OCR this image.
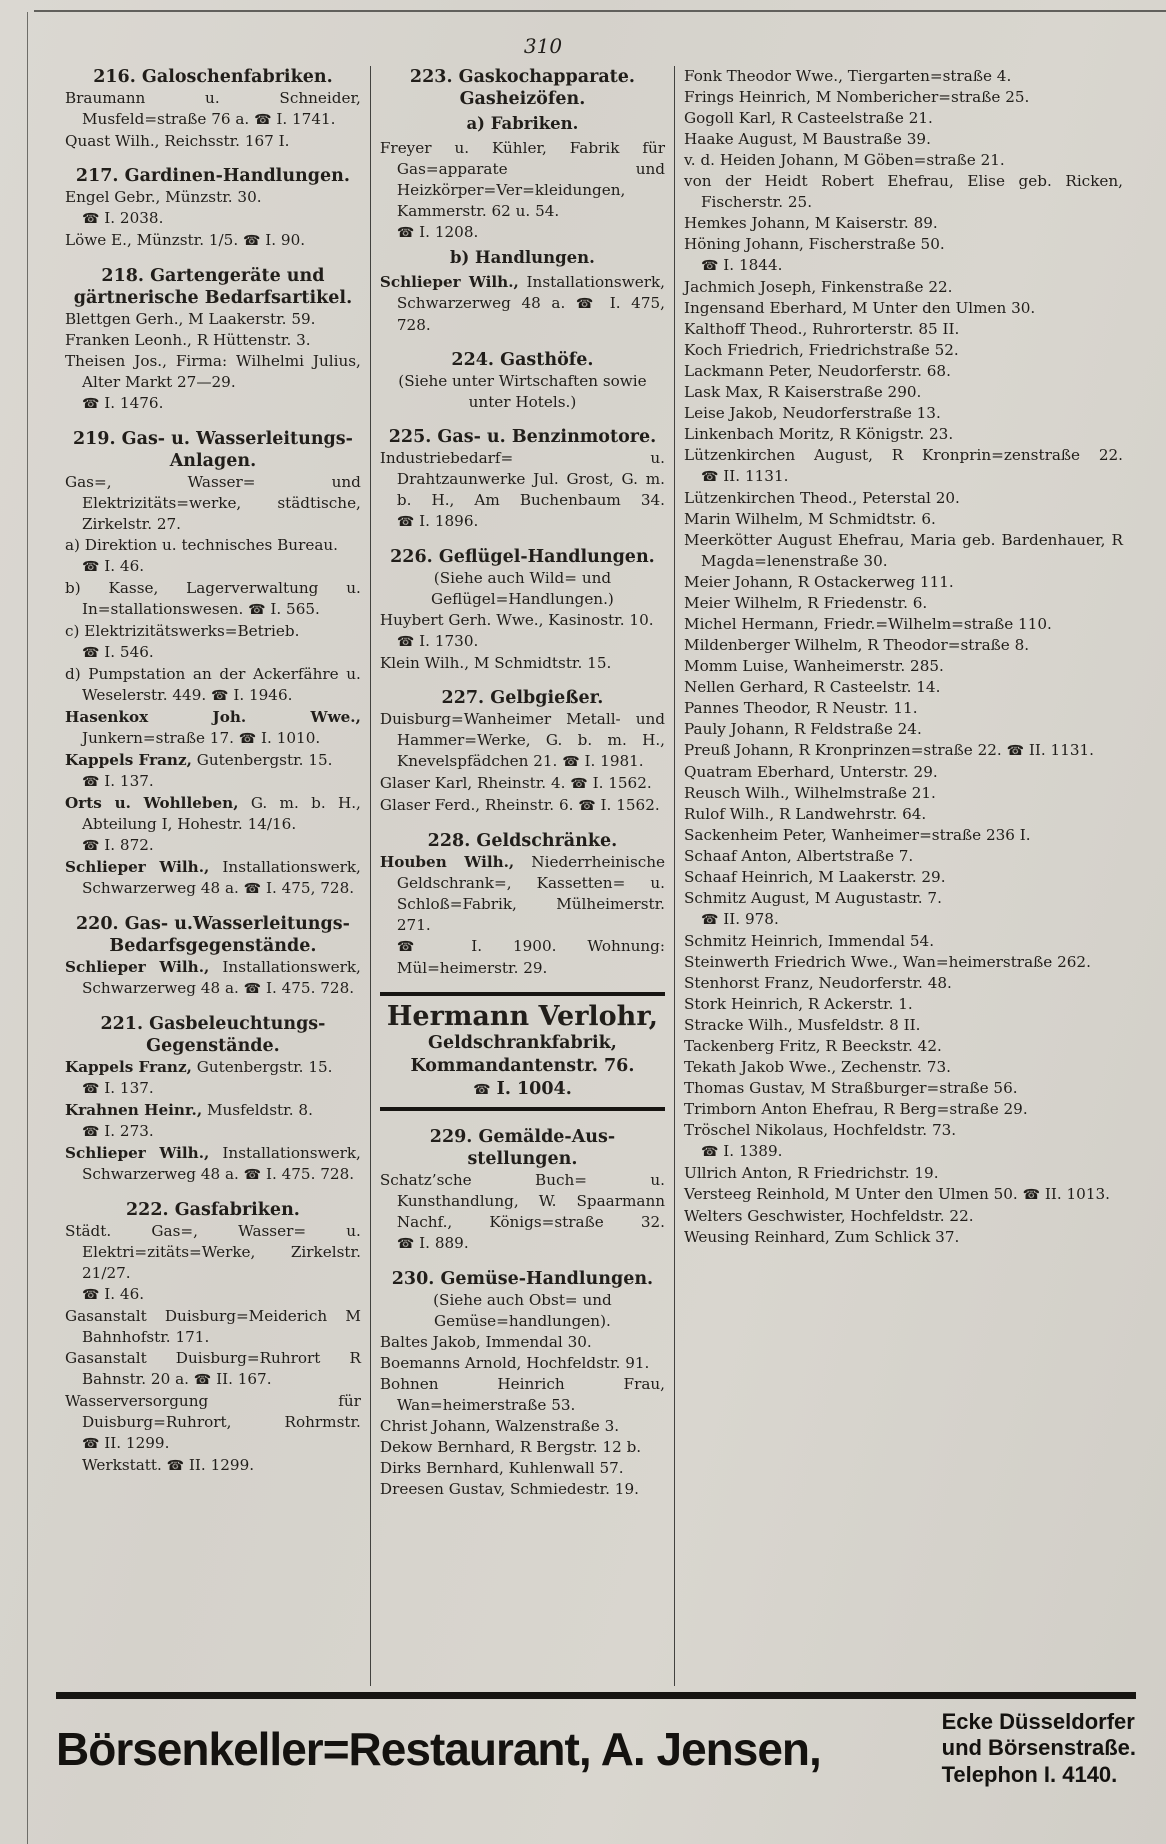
310
216. Galoschenfabriken.
Braumann u. Schneider, Musfeld=straße 76 a. ☎ I. 1741.
Quast Wilh., Reichsstr. 167 I.
217. Gardinen-Handlungen.
Engel Gebr., Münzstr. 30.
☎ I. 2038.
Löwe E., Münzstr. 1/5. ☎ I. 90.
218. Gartengeräte und
gärtnerische Bedarfsartikel.
Blettgen Gerh., M Laakerstr. 59.
Franken Leonh., R Hüttenstr. 3.
Theisen Jos., Firma: Wilhelmi Julius, Alter Markt 27—29.
☎ I. 1476.
219. Gas- u. Wasserleitungs-
Anlagen.
Gas=, Wasser= und Elektrizitäts=werke, städtische, Zirkelstr. 27.
a) Direktion u. technisches Bureau.
☎ I. 46.
b) Kasse, Lagerverwaltung u. In=stallationswesen. ☎ I. 565.
c) Elektrizitätswerks=Betrieb.
☎ I. 546.
d) Pumpstation an der Ackerfähre u. Weselerstr. 449. ☎ I. 1946.
Hasenkox Joh. Wwe., Junkern=straße 17. ☎ I. 1010.
Kappels Franz, Gutenbergstr. 15.
☎ I. 137.
Orts u. Wohlleben, G. m. b. H., Abteilung I, Hohestr. 14/16.
☎ I. 872.
Schlieper Wilh., Installationswerk, Schwarzerweg 48 a. ☎ I. 475, 728.
220. Gas- u.Wasserleitungs-
Bedarfsgegenstände.
Schlieper Wilh., Installationswerk, Schwarzerweg 48 a. ☎ I. 475. 728.
221. Gasbeleuchtungs-
Gegenstände.
Kappels Franz, Gutenbergstr. 15.
☎ I. 137.
Krahnen Heinr., Musfeldstr. 8.
☎ I. 273.
Schlieper Wilh., Installationswerk, Schwarzerweg 48 a. ☎ I. 475. 728.
222. Gasfabriken.
Städt. Gas=, Wasser= u. Elektri=zitäts=Werke, Zirkelstr. 21/27.
☎ I. 46.
Gasanstalt Duisburg=Meiderich M Bahnhofstr. 171.
Gasanstalt Duisburg=Ruhrort R Bahnstr. 20 a. ☎ II. 167.
Wasserversorgung für Duisburg=Ruhrort, Rohrmstr. ☎ II. 1299.
Werkstatt. ☎ II. 1299.
223. Gaskochapparate.
Gasheizöfen.
a) Fabriken.
Freyer u. Kühler, Fabrik für Gas=apparate und Heizkörper=Ver=kleidungen, Kammerstr. 62 u. 54.
☎ I. 1208.
b) Handlungen.
Schlieper Wilh., Installationswerk, Schwarzerweg 48 a. ☎ I. 475, 728.
224. Gasthöfe.
(Siehe unter Wirtschaften sowie unter Hotels.)
225. Gas- u. Benzinmotore.
Industriebedarf= u. Drahtzaunwerke Jul. Grost, G. m. b. H., Am Buchenbaum 34. ☎ I. 1896.
226. Geflügel-Handlungen.
(Siehe auch Wild= und Geflügel=Handlungen.)
Huybert Gerh. Wwe., Kasinostr. 10.
☎ I. 1730.
Klein Wilh., M Schmidtstr. 15.
227. Gelbgießer.
Duisburg=Wanheimer Metall- und Hammer=Werke, G. b. m. H., Knevelspfädchen 21. ☎ I. 1981.
Glaser Karl, Rheinstr. 4. ☎ I. 1562.
Glaser Ferd., Rheinstr. 6. ☎ I. 1562.
228. Geldschränke.
Houben Wilh., Niederrheinische Geldschrank=, Kassetten= u. Schloß=Fabrik, Mülheimerstr. 271.
☎ I. 1900. Wohnung: Mül=heimerstr. 29.
Hermann Verlohr,
Geldschrankfabrik,
Kommandantenstr. 76. ☎ I. 1004.
229. Gemälde-Aus-
stellungen.
Schatz’sche Buch= u. Kunsthandlung, W. Spaarmann Nachf., Königs=straße 32. ☎ I. 889.
230. Gemüse-Handlungen.
(Siehe auch Obst= und Gemüse=handlungen).
Baltes Jakob, Immendal 30.
Boemanns Arnold, Hochfeldstr. 91.
Bohnen Heinrich Frau, Wan=heimerstraße 53.
Christ Johann, Walzenstraße 3.
Dekow Bernhard, R Bergstr. 12 b.
Dirks Bernhard, Kuhlenwall 57.
Dreesen Gustav, Schmiedestr. 19.
Fonk Theodor Wwe., Tiergarten=straße 4.
Frings Heinrich, M Nombericher=straße 25.
Gogoll Karl, R Casteelstraße 21.
Haake August, M Baustraße 39.
v. d. Heiden Johann, M Göben=straße 21.
von der Heidt Robert Ehefrau, Elise geb. Ricken, Fischerstr. 25.
Hemkes Johann, M Kaiserstr. 89.
Höning Johann, Fischerstraße 50.
☎ I. 1844.
Jachmich Joseph, Finkenstraße 22.
Ingensand Eberhard, M Unter den Ulmen 30.
Kalthoff Theod., Ruhrorterstr. 85 II.
Koch Friedrich, Friedrichstraße 52.
Lackmann Peter, Neudorferstr. 68.
Lask Max, R Kaiserstraße 290.
Leise Jakob, Neudorferstraße 13.
Linkenbach Moritz, R Königstr. 23.
Lützenkirchen August, R Kronprin=zenstraße 22. ☎ II. 1131.
Lützenkirchen Theod., Peterstal 20.
Marin Wilhelm, M Schmidtstr. 6.
Meerkötter August Ehefrau, Maria geb. Bardenhauer, R Magda=lenenstraße 30.
Meier Johann, R Ostackerweg 111.
Meier Wilhelm, R Friedenstr. 6.
Michel Hermann, Friedr.=Wilhelm=straße 110.
Mildenberger Wilhelm, R Theodor=straße 8.
Momm Luise, Wanheimerstr. 285.
Nellen Gerhard, R Casteelstr. 14.
Pannes Theodor, R Neustr. 11.
Pauly Johann, R Feldstraße 24.
Preuß Johann, R Kronprinzen=straße 22. ☎ II. 1131.
Quatram Eberhard, Unterstr. 29.
Reusch Wilh., Wilhelmstraße 21.
Rulof Wilh., R Landwehrstr. 64.
Sackenheim Peter, Wanheimer=straße 236 I.
Schaaf Anton, Albertstraße 7.
Schaaf Heinrich, M Laakerstr. 29.
Schmitz August, M Augustastr. 7.
☎ II. 978.
Schmitz Heinrich, Immendal 54.
Steinwerth Friedrich Wwe., Wan=heimerstraße 262.
Stenhorst Franz, Neudorferstr. 48.
Stork Heinrich, R Ackerstr. 1.
Stracke Wilh., Musfeldstr. 8 II.
Tackenberg Fritz, R Beeckstr. 42.
Tekath Jakob Wwe., Zechenstr. 73.
Thomas Gustav, M Straßburger=straße 56.
Trimborn Anton Ehefrau, R Berg=straße 29.
Tröschel Nikolaus, Hochfeldstr. 73.
☎ I. 1389.
Ullrich Anton, R Friedrichstr. 19.
Versteeg Reinhold, M Unter den Ulmen 50. ☎ II. 1013.
Welters Geschwister, Hochfeldstr. 22.
Weusing Reinhard, Zum Schlick 37.
Börsenkeller=Restaurant, A. Jensen,
Ecke Düsseldorfer
und Börsenstraße.
Telephon I. 4140.
